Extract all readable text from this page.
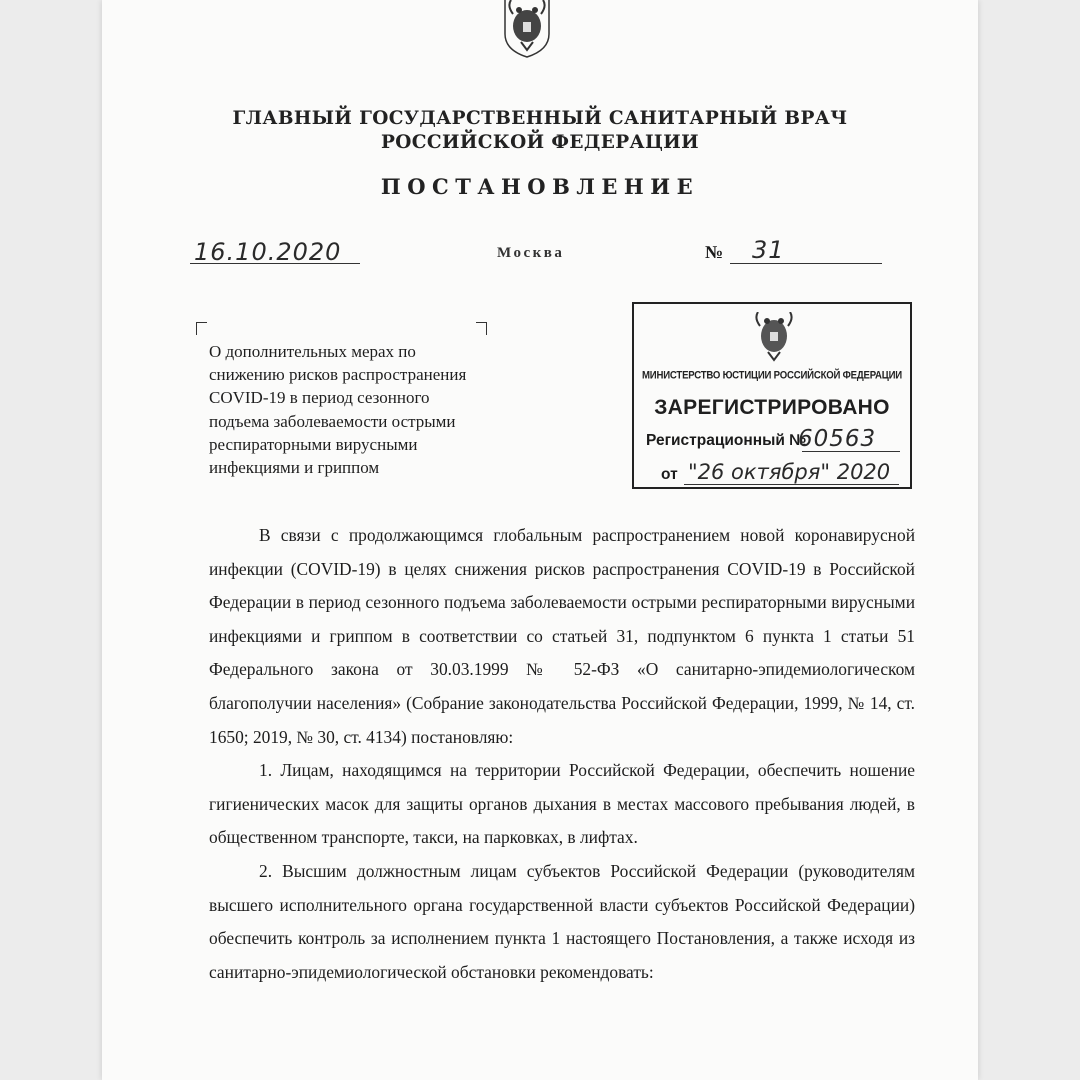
ГЛАВНЫЙ ГОСУДАРСТВЕННЫЙ САНИТАРНЫЙ ВРАЧ
РОССИЙСКОЙ ФЕДЕРАЦИИ
ПОСТАНОВЛЕНИЕ
16.10.2020	Москва	№ 31
О дополнительных мерах по
снижению рисков распространения
COVID-19 в период сезонного
подъема заболеваемости острыми
респираторными вирусными
инфекциями и гриппом
МИНИСТЕРСТВО ЮСТИЦИИ РОССИЙСКОЙ ФЕДЕРАЦИИ
ЗАРЕГИСТРИРОВАНО
Регистрационный №
60563
от "26 октября" 2020

В связи с продолжающимся глобальным распространением новой коронавирусной инфекции (COVID-19) в целях снижения рисков распространения COVID-19 в Российской Федерации в период сезонного подъема заболеваемости острыми респираторными вирусными инфекциями и гриппом в соответствии со статьей 31, подпунктом 6 пункта 1 статьи 51 Федерального закона от 30.03.1999 № 52-ФЗ «О санитарно-эпидемиологическом благополучии населения» (Собрание законодательства Российской Федерации, 1999, № 14, ст. 1650; 2019, № 30, ст. 4134) постановляю:

1. Лицам, находящимся на территории Российской Федерации, обеспечить ношение гигиенических масок для защиты органов дыхания в местах массового пребывания людей, в общественном транспорте, такси, на парковках, в лифтах.

2. Высшим должностным лицам субъектов Российской Федерации (руководителям высшего исполнительного органа государственной власти субъектов Российской Федерации) обеспечить контроль за исполнением пункта 1 настоящего Постановления, а также исходя из санитарно-эпидемиологической обстановки рекомендовать:
